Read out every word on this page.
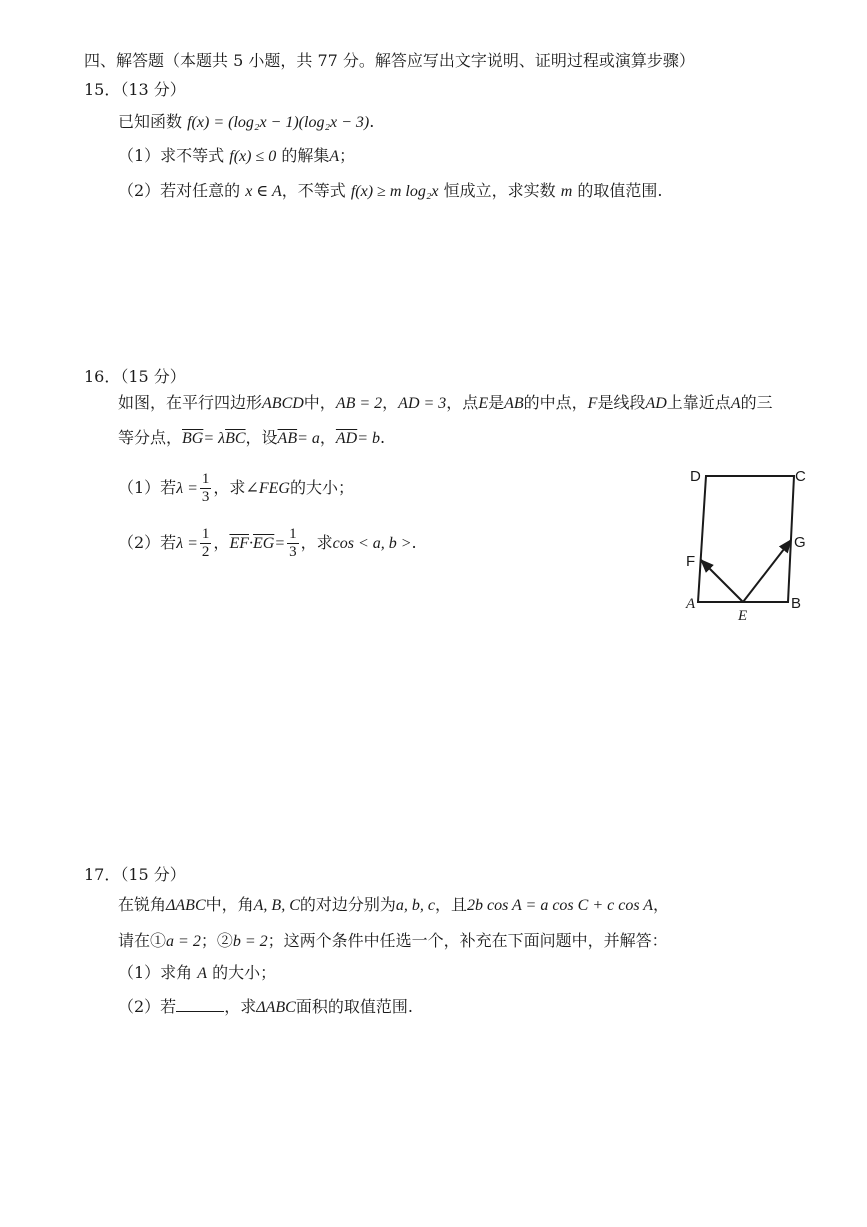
四、解答题（本题共 5 小题，共 77 分。解答应写出文字说明、证明过程或演算步骤）
15．（13 分）
已知函数 f(x) = (log₂x − 1)(log₂x − 3).
（1）求不等式 f(x) ≤ 0 的解集A；
（2）若对任意的 x ∈ A，不等式 f(x) ≥ m log₂x 恒成立，求实数 m 的取值范围.
16．（15 分）
如图，在平行四边形ABCD中，AB = 2，AD = 3，点E是AB的中点，F是线段AD上靠近点A的三
等分点，$\overline{BG}= \lambda\overline{BC}$，设$\overline{AB}= a$，$\overline{AD}= b$.
（1）若$\lambda = \frac{1}{3}$ ，求∠FEG的大小；
（2）若$\lambda = \frac{1}{2}$ ，$\overline{EF}\cdot\overline{EG}= \frac{1}{3}$ ，求cos < a, b >.
D	C
A	B
E
F
G
17．（15 分）
在锐角ΔABC中，角A, B, C的对边分别为a, b, c，且2b cos A = a cos C + c cos A，
请在①a = 2；②b = 2；这两个条件中任选一个，补充在下面问题中，并解答：
（1）求角 A 的大小；
（2）若	，求ΔABC面积的取值范围.
